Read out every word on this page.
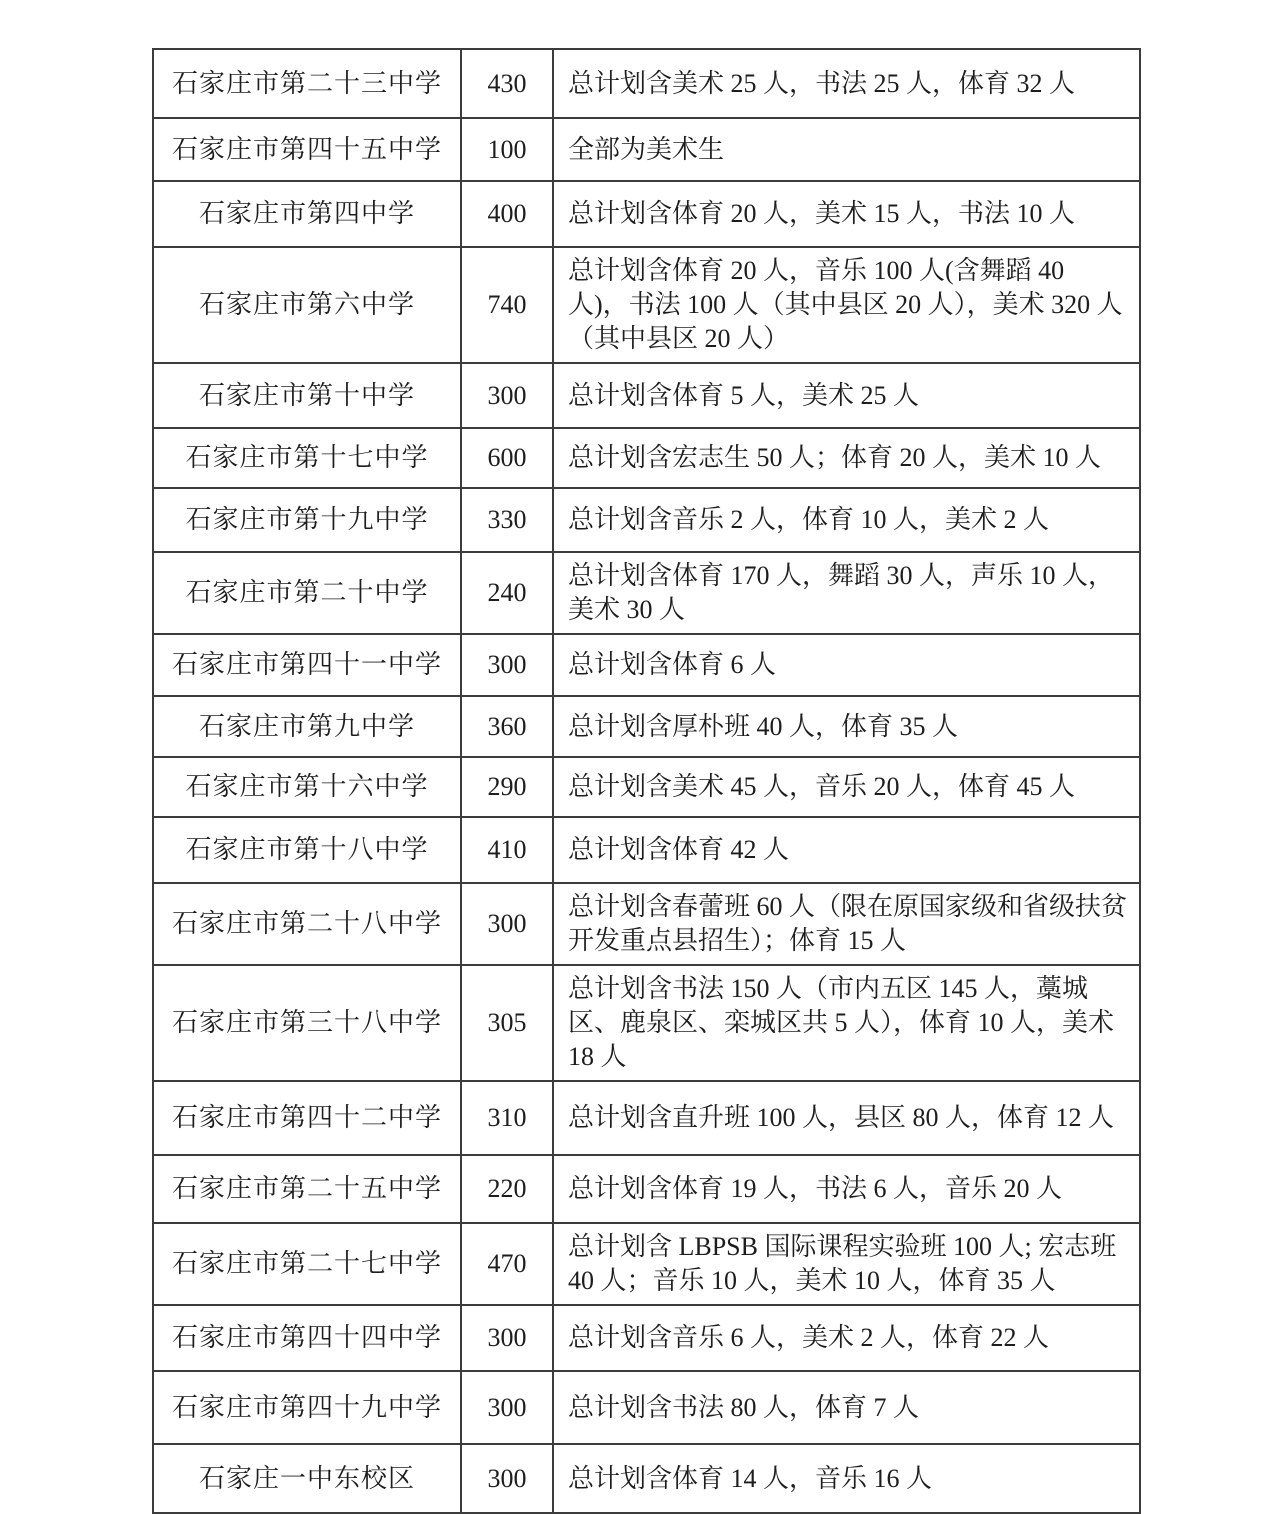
石家庄市第二十三中学	430	总计划含美术 25 人，书法 25 人，体育 32 人
石家庄市第四十五中学	100	全部为美术生
石家庄市第四中学	400	总计划含体育 20 人，美术 15 人，书法 10 人
石家庄市第六中学	740	总计划含体育 20 人，音乐 100 人(含舞蹈 40 人)，书法 100 人（其中县区 20 人），美术 320 人（其中县区 20 人）
石家庄市第十中学	300	总计划含体育 5 人，美术 25 人
石家庄市第十七中学	600	总计划含宏志生 50 人；体育 20 人，美术 10 人
石家庄市第十九中学	330	总计划含音乐 2 人，体育 10 人，美术 2 人
石家庄市第二十中学	240	总计划含体育 170 人，舞蹈 30 人，声乐 10 人，美术 30 人
石家庄市第四十一中学	300	总计划含体育 6 人
石家庄市第九中学	360	总计划含厚朴班 40 人，体育 35 人
石家庄市第十六中学	290	总计划含美术 45 人，音乐 20 人，体育 45 人
石家庄市第十八中学	410	总计划含体育 42 人
石家庄市第二十八中学	300	总计划含春蕾班 60 人（限在原国家级和省级扶贫开发重点县招生）；体育 15 人
石家庄市第三十八中学	305	总计划含书法 150 人（市内五区 145 人，藁城区、鹿泉区、栾城区共 5 人），体育 10 人，美术 18 人
石家庄市第四十二中学	310	总计划含直升班 100 人，县区 80 人，体育 12 人
石家庄市第二十五中学	220	总计划含体育 19 人，书法 6 人，音乐 20 人
石家庄市第二十七中学	470	总计划含 LBPSB 国际课程实验班 100 人; 宏志班 40 人；音乐 10 人，美术 10 人，体育 35 人
石家庄市第四十四中学	300	总计划含音乐 6 人，美术 2 人，体育 22 人
石家庄市第四十九中学	300	总计划含书法 80 人，体育 7 人
石家庄一中东校区	300	总计划含体育 14 人，音乐 16 人
